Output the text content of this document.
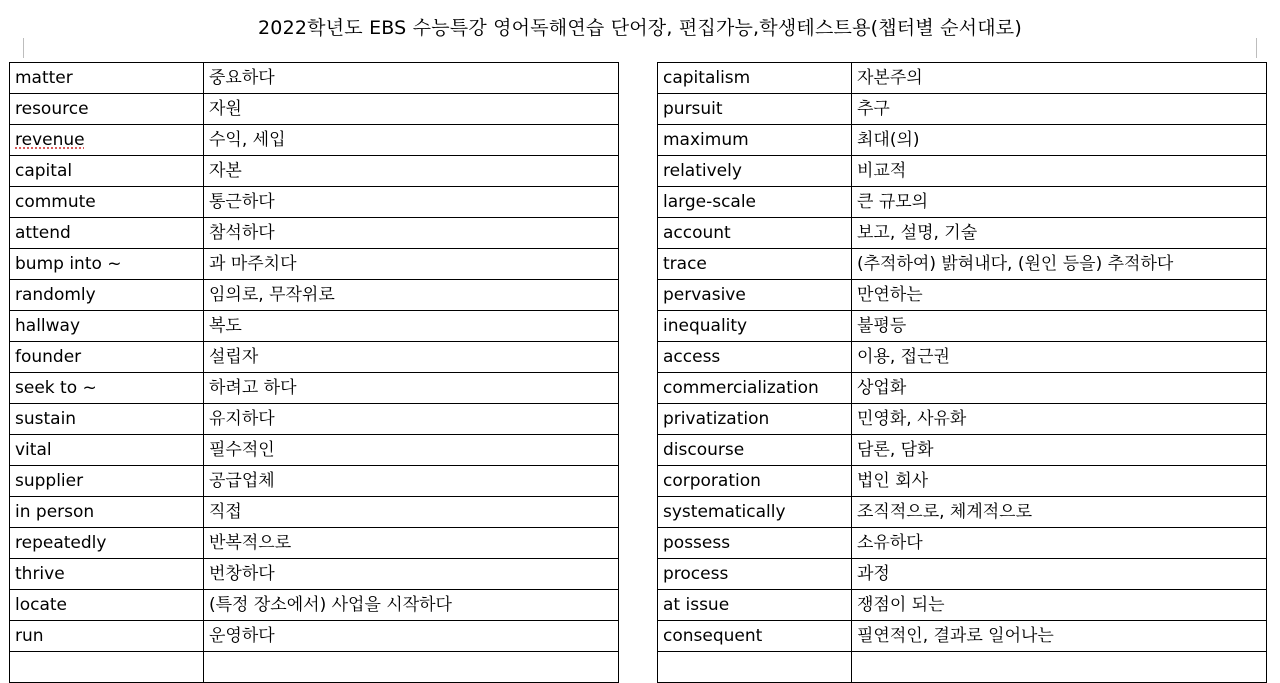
2022학년도 EBS 수능특강 영어독해연습 단어장, 편집가능,학생테스트용(챕터별 순서대로)
matter	중요하다
resource	자원
revenue	수익, 세입
capital	자본
commute	통근하다
attend	참석하다
bump into ~	과 마주치다
randomly	임의로, 무작위로
hallway	복도
founder	설립자
seek to ~	하려고 하다
sustain	유지하다
vital	필수적인
supplier	공급업체
in person	직접
repeatedly	반복적으로
thrive	번창하다
locate	(특정 장소에서) 사업을 시작하다
run	운영하다

capitalism	자본주의
pursuit	추구
maximum	최대(의)
relatively	비교적
large-scale	큰 규모의
account	보고, 설명, 기술
trace	(추적하여) 밝혀내다, (원인 등을) 추적하다
pervasive	만연하는
inequality	불평등
access	이용, 접근권
commercialization	상업화
privatization	민영화, 사유화
discourse	담론, 담화
corporation	법인 회사
systematically	조직적으로, 체계적으로
possess	소유하다
process	과정
at issue	쟁점이 되는
consequent	필연적인, 결과로 일어나는
